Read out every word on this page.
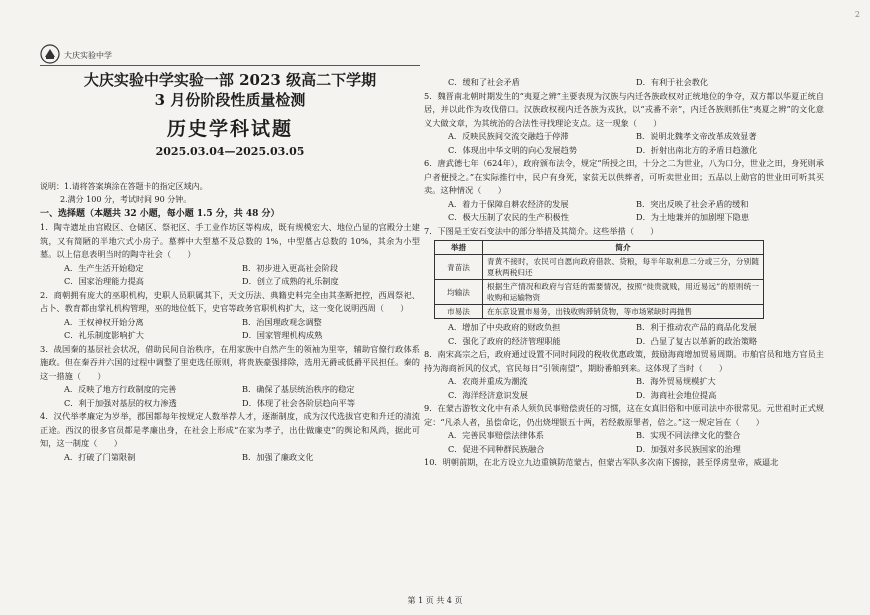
2
大庆实验中学
大庆实验中学实验一部 2023 级高二下学期
3 月份阶段性质量检测
历史学科试题
2025.03.04—2025.03.05

说明：1.请将答案填涂在答题卡的指定区域内。

2.满分 100 分，考试时间 90 分钟。

一、选择题（本题共 32 小题，每小题 1.5 分，共 48 分）

1．陶寺遗址由宫殿区、仓储区、祭祀区、手工业作坊区等构成，既有规模宏大、地位凸显的宫殿分土建筑，又有简陋的半地穴式小房子。墓葬中大型墓不及总数的 1%，中型墓占总数的 10%，其余为小型墓。以上信息表明当时的陶寺社会（　　）

A．生产生活开始稳定	B．初步进入更高社会阶段
C．国家治理能力提高	D．创立了成熟的礼乐制度

2．商朝拥有庞大的巫职机构，史职人员职属其下，天文历法、典籍史料完全由其垄断把控，西周祭祀、占卜、教育都由掌礼机构管理，巫的地位低下，史官等政务官职机构扩大，这一变化说明西周（　　）

A．王权神权开始分离	B．治国理政观念调整
C．礼乐制度影响扩大	D．国家管理机构成熟

3．战国秦的基层社会状况，借助民间自治秩序，在用家族中自然产生的领袖为里宰，辅助官僚行政体系施政。但在秦吞并六国的过程中调整了里吏选任原则，将贵族豪强排除，选用无爵或低爵平民担任。秦的这一措施（　　）

A．反映了地方行政制度的完善	B．确保了基层统治秩序的稳定
C．利于加强对基层的权力渗透	D．体现了社会各阶层趋向平等

4．汉代举孝廉定为岁举，郡国都每年按规定人数举荐人才，逐渐制度，成为汉代选拔官吏和升迁的清流正途。西汉的很多官员都是孝廉出身，在社会上形成“在家为孝子，出仕做廉吏”的舆论和风尚，据此可知，这一制度（　　）

A．打破了门第限制	B．加强了廉政文化
C．缓和了社会矛盾	D．有利于社会教化

5．魏晋南北朝时期发生的“夷夏之辨”主要表现为汉族与内迁各族政权对正统地位的争夺，双方都以华夏正统自居，并以此作为攻伐借口。汉族政权视内迁各族为戎狄，以“戎番不亲”，内迁各族则抓住“夷夏之辨”的文化意义大做文章，为其统治的合法性寻找理论支点。这一现象（　　）

A．反映民族间交流交融趋于停滞	B．说明北魏孝文帝改革成效显著
C．体现出中华文明的向心发展趋势	D．折射出南北方的矛盾日趋激化

6．唐武德七年（624年），政府颁布法令，规定“所授之田，十分之二为世业，八为口分，世业之田，身死则承户者便授之。”在实际推行中，民户有身死，家贫无以供葬者，可听卖世业田；五品以上勋官的世业田可听其买卖。这种情况（　　）

A．着力于保障自耕农经济的发展	B．突出反映了社会矛盾的缓和
C．极大压制了农民的生产积极性	D．为土地兼并的加剧埋下隐患

7．下图是王安石变法中的部分举措及其简介。这些举措（　　）

举措	简介
青苗法	青黄不接时，农民可自愿向政府借款、贷粮，每半年取利息二分或三分，分别随夏秋两税归还
均输法	根据生产情况和政府与宫廷的需要情况，按照“徙贵就贱，用近易远”的原则统一收购和运输物资
市易法	在东京设置市易务，出钱收购滞销货物，等市场紧缺时再抛售
A．增加了中央政府的财政负担	B．利于推动农产品的商品化发展
C．强化了政府的经济管理职能	D．凸显了复古以革新的政治策略

8．南宋高宗之后，政府通过设置不同时间段的税收优惠政策，鼓励海商增加贸易周期。市舶官员和地方官员主持为海商祈风的仪式，官民每日“引领南望”，期盼番舶到来。这体现了当时（　　）

A．农商并重成为潮流	B．海外贸易规模扩大
C．海洋经济意识发展	D．海商社会地位提高

9．在蒙古游牧文化中有杀人须负民事赔偿责任的习惯，这在女真旧俗和中原司法中亦很常见。元世祖时正式规定：“凡杀人者，虽偿命讫，仍出烧埋银五十两，若经赦原罪者，倍之。”这一规定旨在（　　）

A．完善民事赔偿法律体系	B．实现不同法律文化的整合
C．促进不同种群民族融合	D．加强对多民族国家的治理

10．明朝前期，在北方设立九边重镇防范蒙古，但蒙古军队多次南下掳掠，甚至俘虏皇帝，威逼北

第 1 页 共 4 页
